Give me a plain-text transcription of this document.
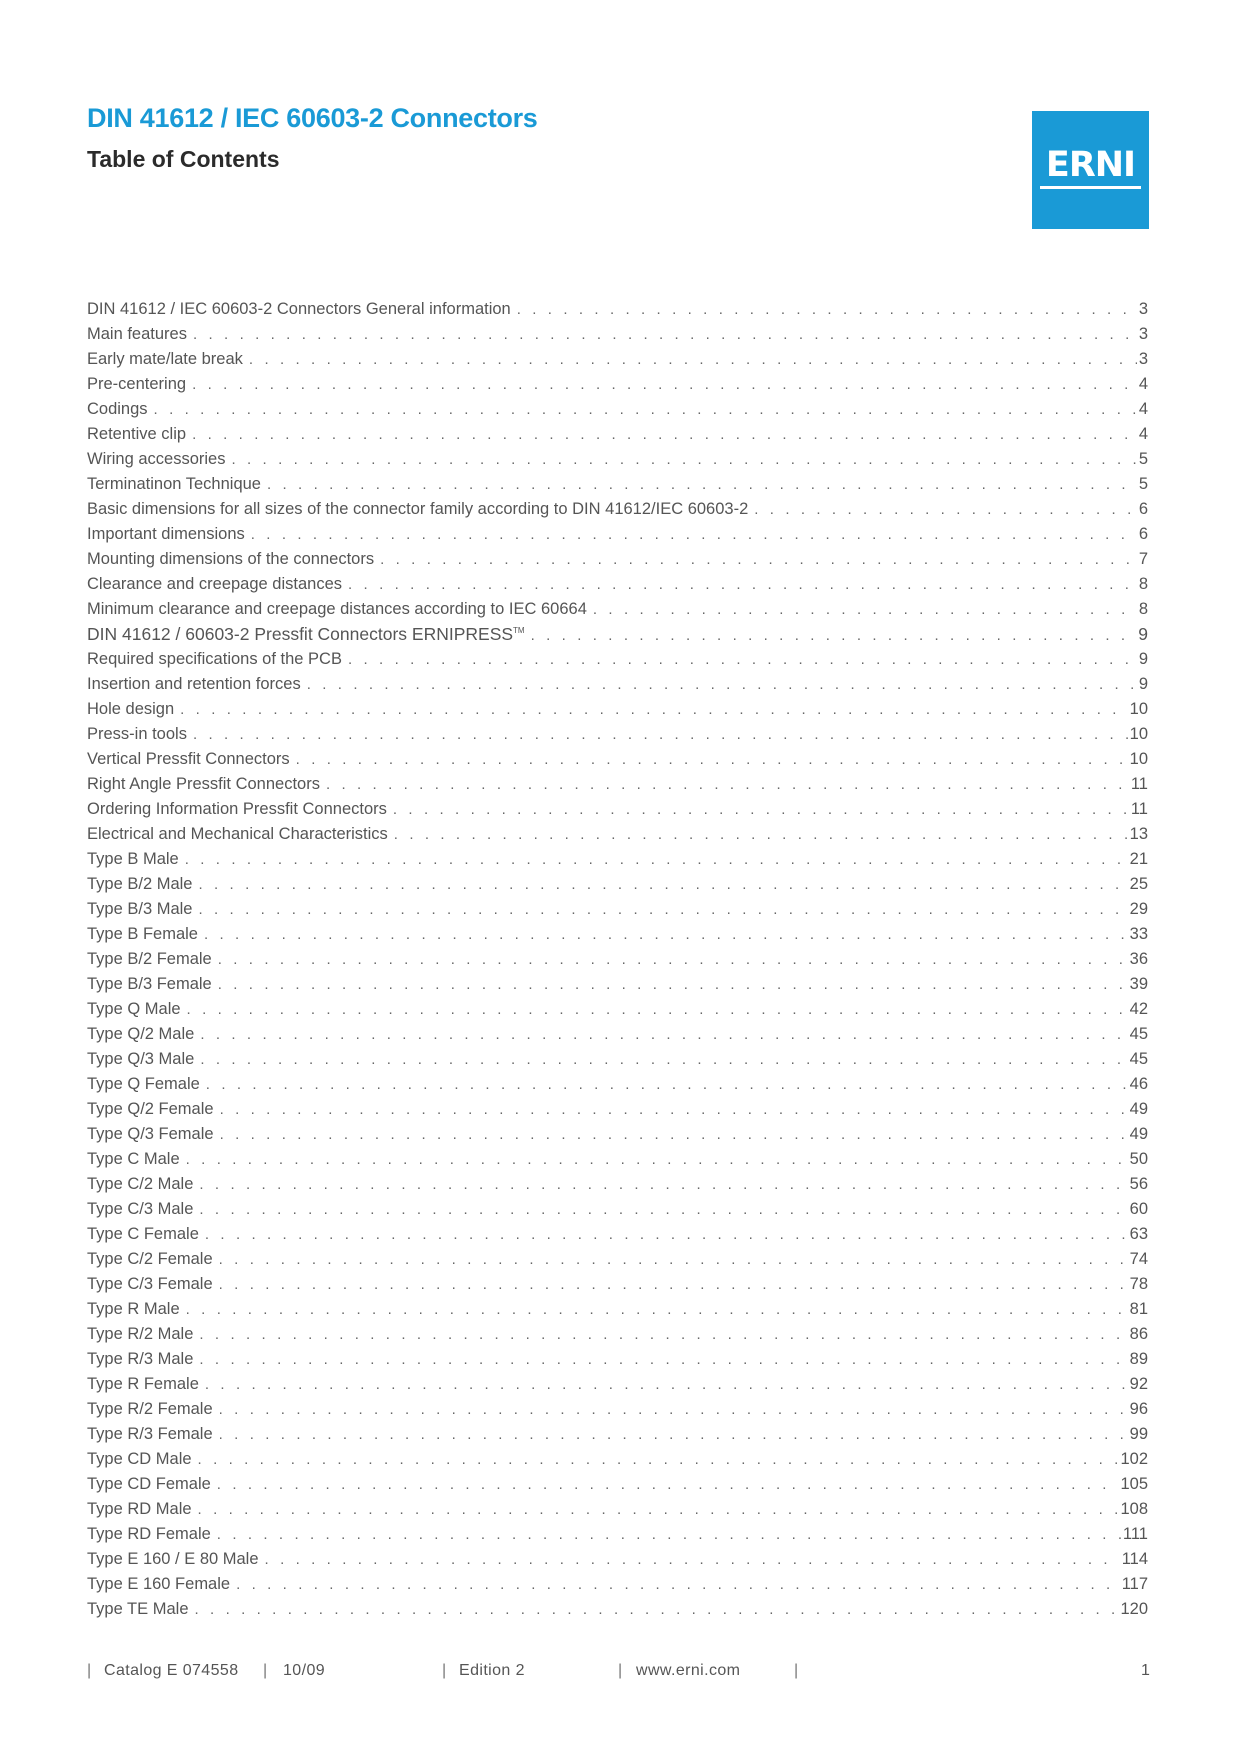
DIN 41612 / IEC 60603-2 Connectors
Table of Contents	ERNI
DIN 41612 / IEC 60603-2 Connectors General information . . .	3
Main features . . .	3
Early mate/late break . . .	3
Pre-centering . . .	4
Codings . . .	4
Retentive clip . . .	4
Wiring accessories . . .	5
Terminatinon Technique . . .	5
Basic dimensions for all sizes of the connector family according to DIN 41612/IEC 60603-2 . . .	6
Important dimensions . . .	6
Mounting dimensions of the connectors . . .	7
Clearance and creepage distances . . .	8
Minimum clearance and creepage distances according to IEC 60664 . . .	8
DIN 41612 / 60603-2 Pressfit Connectors ERNIPRESS™ . . .	9
Required specifications of the PCB . . .	9
Insertion and retention forces . . .	9
Hole design . . .	10
Press-in tools . . .	10
Vertical Pressfit Connectors . . .	10
Right Angle Pressfit Connectors . . .	11
Ordering Information Pressfit Connectors . . .	11
Electrical and Mechanical Characteristics . . .	13
Type B Male . . .	21
Type B/2 Male . . .	25
Type B/3 Male . . .	29
Type B Female . . .	33
Type B/2 Female . . .	36
Type B/3 Female . . .	39
Type Q Male . . .	42
Type Q/2 Male . . .	45
Type Q/3 Male . . .	45
Type Q Female . . .	46
Type Q/2 Female . . .	49
Type Q/3 Female . . .	49
Type C Male . . .	50
Type C/2 Male . . .	56
Type C/3 Male . . .	60
Type C Female . . .	63
Type C/2 Female . . .	74
Type C/3 Female . . .	78
Type R Male . . .	81
Type R/2 Male . . .	86
Type R/3 Male . . .	89
Type R Female . . .	92
Type R/2 Female . . .	96
Type R/3 Female . . .	99
Type CD Male . . .	102
Type CD Female . . .	105
Type RD Male . . .	108
Type RD Female . . .	111
Type E 160 / E 80 Male . . .	114
Type E 160 Female . . .	117
Type TE Male . . .	120
| Catalog E 074558 | 10/09	| Edition 2	| www.erni.com	|	1
